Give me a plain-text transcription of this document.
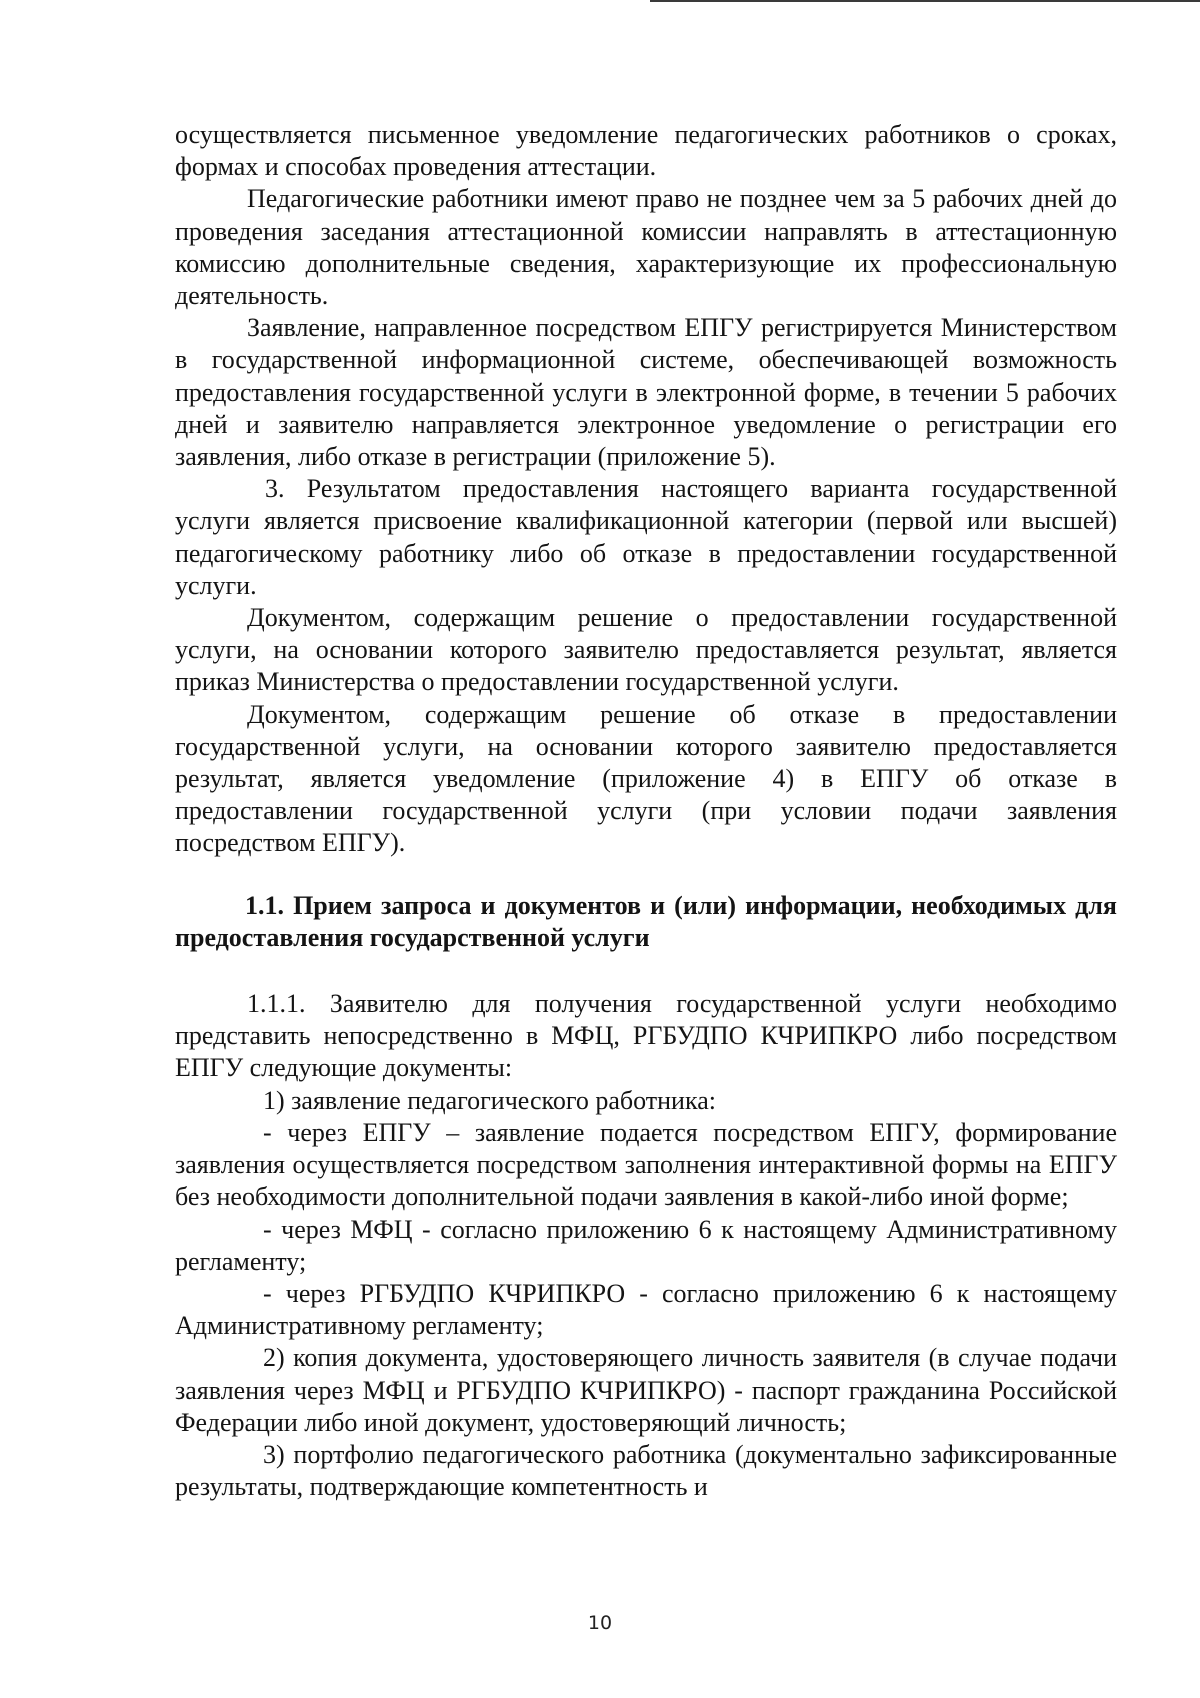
осуществляется письменное уведомление педагогических работников о сроках, формах и способах проведения аттестации.

Педагогические работники имеют право не позднее чем за 5 рабочих дней до проведения заседания аттестационной комиссии направлять в аттестационную комиссию дополнительные сведения, характеризующие их профессиональную деятельность.

Заявление, направленное посредством ЕПГУ регистрируется Министерством в государственной информационной системе, обеспечивающей возможность предоставления государственной услуги в электронной форме, в течении 5 рабочих дней и заявителю направляется электронное уведомление о регистрации его заявления, либо отказе в регистрации (приложение 5).

3. Результатом предоставления настоящего варианта государственной услуги является присвоение квалификационной категории (первой или высшей) педагогическому работнику либо об отказе в предоставлении государственной услуги.

Документом, содержащим решение о предоставлении государственной услуги, на основании которого заявителю предоставляется результат, является приказ Министерства о предоставлении государственной услуги.

Документом, содержащим решение об отказе в предоставлении государственной услуги, на основании которого заявителю предоставляется результат, является уведомление (приложение 4) в ЕПГУ об отказе в предоставлении государственной услуги (при условии подачи заявления посредством ЕПГУ).

1.1. Прием запроса и документов и (или) информации, необходимых для предоставления государственной услуги

1.1.1. Заявителю для получения государственной услуги необходимо представить непосредственно в МФЦ, РГБУДПО КЧРИПКРО либо посредством ЕПГУ следующие документы:

1) заявление педагогического работника:

- через ЕПГУ – заявление подается посредством ЕПГУ, формирование заявления осуществляется посредством заполнения интерактивной формы на ЕПГУ без необходимости дополнительной подачи заявления в какой-либо иной форме;

- через МФЦ - согласно приложению 6 к настоящему Административному регламенту;

- через РГБУДПО КЧРИПКРО - согласно приложению 6 к настоящему Административному регламенту;

2) копия документа, удостоверяющего личность заявителя (в случае подачи заявления через МФЦ и РГБУДПО КЧРИПКРО) - паспорт гражданина Российской Федерации либо иной документ, удостоверяющий личность;

3) портфолио педагогического работника (документально зафиксированные результаты, подтверждающие компетентность и

10
